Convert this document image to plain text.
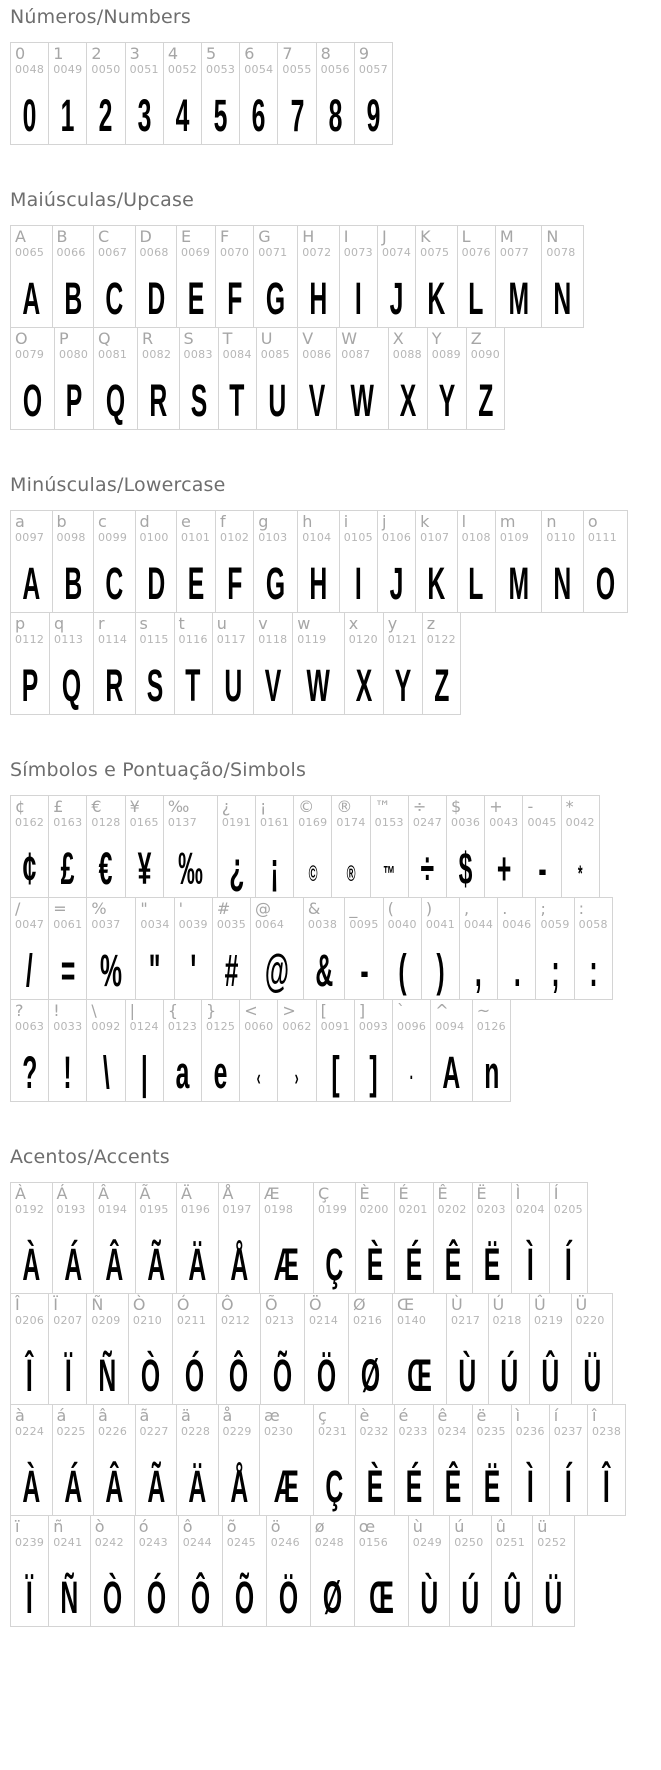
Números/Numbers
0
0048
0
1
0049
1
2
0050
2
3
0051
3
4
0052
4
5
0053
5
6
0054
6
7
0055
7
8
0056
8
9
0057
9
Maiúsculas/Upcase
A
0065
A
B
0066
B
C
0067
C
D
0068
D
E
0069
E
F
0070
F
G
0071
G
H
0072
H
I
0073
I
J
0074
J
K
0075
K
L
0076
L
M
0077
M
N
0078
N
O
0079
O
P
0080
P
Q
0081
Q
R
0082
R
S
0083
S
T
0084
T
U
0085
U
V
0086
V
W
0087
W
X
0088
X
Y
0089
Y
Z
0090
Z
Minúsculas/Lowercase
a
0097
A
b
0098
B
c
0099
C
d
0100
D
e
0101
E
f
0102
F
g
0103
G
h
0104
H
i
0105
I
j
0106
J
k
0107
K
l
0108
L
m
0109
M
n
0110
N
o
0111
O
p
0112
P
q
0113
Q
r
0114
R
s
0115
S
t
0116
T
u
0117
U
v
0118
V
w
0119
W
x
0120
X
y
0121
Y
z
0122
Z
Símbolos e Pontuação/Simbols
¢
0162
¢
£
0163
£
€
0128
€
¥
0165
¥
‰
0137
‰
¿
0191
¿
¡
0161
¡
©
0169
©
®
0174
®
™
0153
™
÷
0247
÷
$
0036
$
+
0043
+
-
0045
-
*
0042
*
/
0047
/
=
0061
=
%
0037
%
"
0034
"
'
0039
'
#
0035
#
@
0064
@
&
0038
&
_
0095
-
(
0040
(
)
0041
)
,
0044
,
.
0046
.
;
0059
;
:
0058
:
?
0063
?
!
0033
!
\
0092
\
|
0124
|
{
0123
a
}
0125
e
<
0060
‹
>
0062
›
[
0091
[
]
0093
]
`
0096
·
^
0094
A
~
0126
n
Acentos/Accents
À
0192
À
Á
0193
Á
Â
0194
Â
Ã
0195
Ã
Ä
0196
Ä
Å
0197
Å
Æ
0198
Æ
Ç
0199
Ç
È
0200
È
É
0201
É
Ê
0202
Ê
Ë
0203
Ë
Ì
0204
Ì
Í
0205
Í
Î
0206
Î
Ï
0207
Ï
Ñ
0209
Ñ
Ò
0210
Ò
Ó
0211
Ó
Ô
0212
Ô
Õ
0213
Õ
Ö
0214
Ö
Ø
0216
Ø
Œ
0140
Œ
Ù
0217
Ù
Ú
0218
Ú
Û
0219
Û
Ü
0220
Ü
à
0224
À
á
0225
Á
â
0226
Â
ã
0227
Ã
ä
0228
Ä
å
0229
Å
æ
0230
Æ
ç
0231
Ç
è
0232
È
é
0233
É
ê
0234
Ê
ë
0235
Ë
ì
0236
Ì
í
0237
Í
î
0238
Î
ï
0239
Ï
ñ
0241
Ñ
ò
0242
Ò
ó
0243
Ó
ô
0244
Ô
õ
0245
Õ
ö
0246
Ö
ø
0248
Ø
œ
0156
Œ
ù
0249
Ù
ú
0250
Ú
û
0251
Û
ü
0252
Ü
